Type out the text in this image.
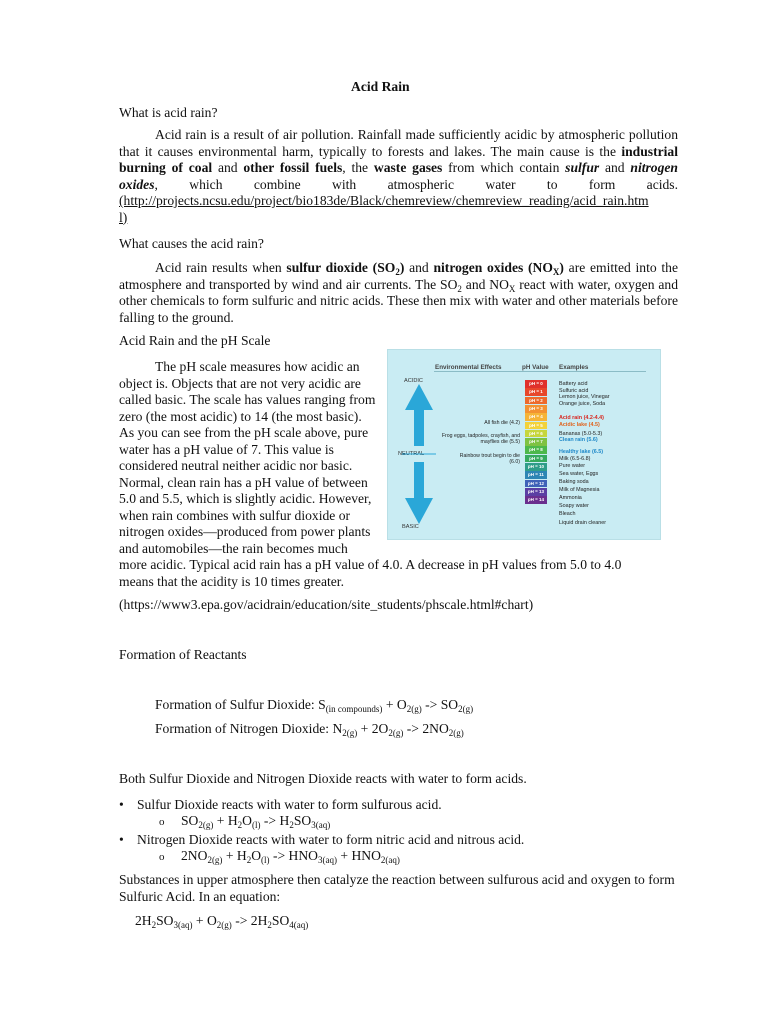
Acid Rain
What is acid rain?
Acid rain is a result of air pollution. Rainfall made sufficiently acidic by atmospheric pollution that it causes environmental harm, typically to forests and lakes. The main cause is the industrial burning of coal and other fossil fuels, the waste gases from which contain sulfur and nitrogen oxides, which combine with atmospheric water to form acids. (http://projects.ncsu.edu/project/bio183de/Black/chemreview/chemreview_reading/acid_rain.htm
l)
What causes the acid rain?
Acid rain results when sulfur dioxide $(SO_2)$ and nitrogen oxides $(NO_X)$ are emitted into the atmosphere and transported by wind and air currents. The $SO_2$ and $NO_X$ react with water, oxygen and other chemicals to form sulfuric and nitric acids. These then mix with water and other materials before falling to the ground.
Acid Rain and the pH Scale
The pH scale measures how acidic an
object is. Objects that are not very acidic are
called basic. The scale has values ranging from
zero (the most acidic) to 14 (the most basic).
As you can see from the pH scale above, pure
water has a pH value of 7. This value is
considered neutral neither acidic nor basic.
Normal, clean rain has a pH value of between
5.0 and 5.5, which is slightly acidic. However,
when rain combines with sulfur dioxide or
nitrogen oxides—produced from power plants
and automobiles—the rain becomes much
more acidic. Typical acid rain has a pH value of 4.0. A decrease in pH values from 5.0 to 4.0
means that the acidity is 10 times greater.
Environmental Effects	pH Value Examples
ACIDIC
NEUTRAL
BASIC
All fish die (4.2)
Frog eggs, tadpoles, crayfish, and mayflies die (5.5)
Rainbow trout begin to die (6.0)
pH = 0
pH = 1
pH = 2
pH = 3
pH = 4
pH = 5
pH = 6
pH = 7
pH = 8
pH = 9
pH = 10
pH = 11
pH = 12
pH = 13
pH = 14
Battery acid
Sulfuric acid
Lemon juice, Vinegar
Orange juice, Soda
Acid rain (4.2-4.4)
Acidic lake (4.5)
Bananas (5.0-5.3)
Clean rain (5.6)
Healthy lake (6.5)
Milk (6.5-6.8)
Pure water
Sea water, Eggs
Baking soda
Milk of Magnesia
Ammonia
Soapy water
Bleach
Liquid drain cleaner
(https://www3.epa.gov/acidrain/education/site_students/phscale.html#chart)
Formation of Reactants
Formation of Sulfur Dioxide: $S_{(in compounds)} + O_{2(g)} -> SO_{2(g)}$
Formation of Nitrogen Dioxide: $N_{2(g)} + 2O_{2(g)} -> 2NO_{2(g)}$
Both Sulfur Dioxide and Nitrogen Dioxide reacts with water to form acids.
• Sulfur Dioxide reacts with water to form sulfurous acid.
o $SO_{2(g)} + H_2O_{(l)} -> H_2SO_{3(aq)}$
• Nitrogen Dioxide reacts with water to form nitric acid and nitrous acid.
o $2NO_{2(g)} + H_2O_{(l)} -> HNO_{3(aq)} + HNO_{2(aq)}$
Substances in upper atmosphere then catalyze the reaction between sulfurous acid and oxygen to form Sulfuric Acid. In an equation:
$2H_2SO_{3(aq)} + O_{2(g)} -> 2H_2SO_{4(aq)}$
